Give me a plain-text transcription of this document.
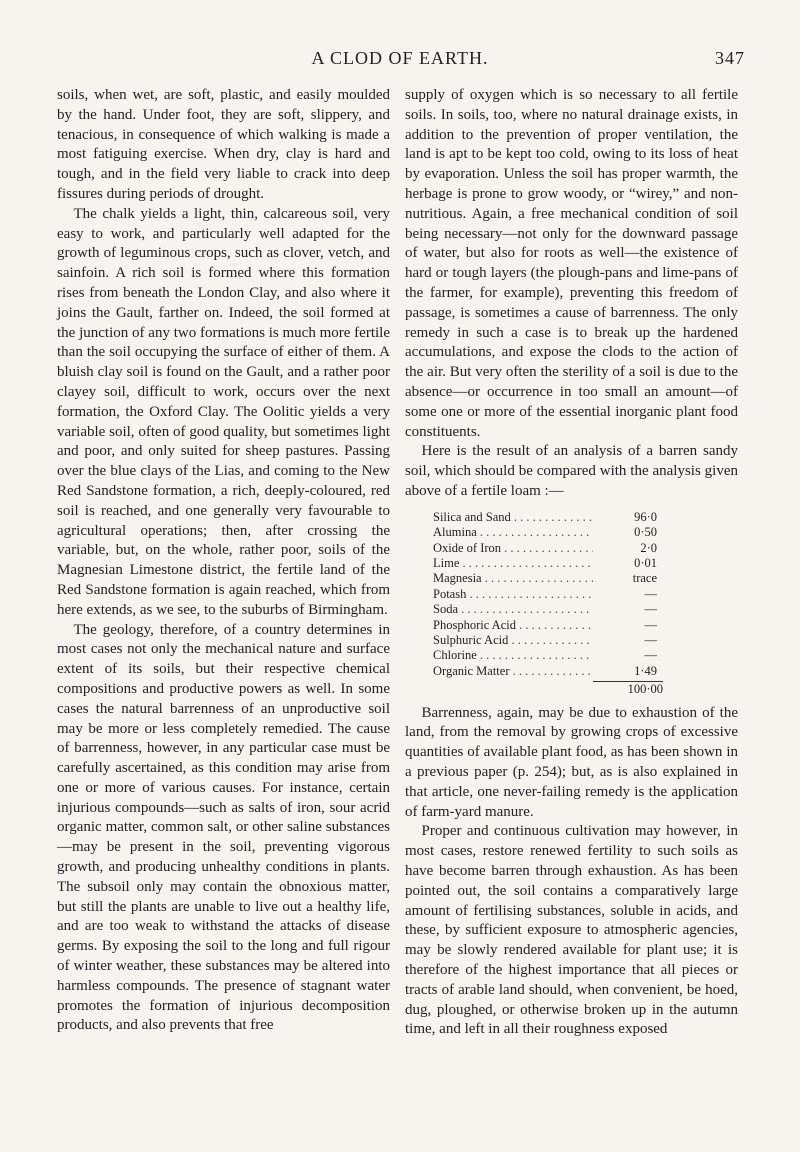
A CLOD OF EARTH.	347

soils, when wet, are soft, plastic, and easily moulded by the hand. Under foot, they are soft, slippery, and tenacious, in consequence of which walking is made a most fatiguing exercise. When dry, clay is hard and tough, and in the field very liable to crack into deep fissures during periods of drought.

The chalk yields a light, thin, calcareous soil, very easy to work, and particularly well adapted for the growth of leguminous crops, such as clover, vetch, and sainfoin. A rich soil is formed where this formation rises from beneath the London Clay, and also where it joins the Gault, farther on. Indeed, the soil formed at the junction of any two formations is much more fertile than the soil occupying the surface of either of them. A bluish clay soil is found on the Gault, and a rather poor clayey soil, difficult to work, occurs over the next formation, the Oxford Clay. The Oolitic yields a very variable soil, often of good quality, but sometimes light and poor, and only suited for sheep pastures. Passing over the blue clays of the Lias, and coming to the New Red Sandstone formation, a rich, deeply-coloured, red soil is reached, and one generally very favourable to agricultural operations; then, after crossing the variable, but, on the whole, rather poor, soils of the Magnesian Limestone district, the fertile land of the Red Sandstone formation is again reached, which from here extends, as we see, to the suburbs of Birmingham.

The geology, therefore, of a country determines in most cases not only the mechanical nature and surface extent of its soils, but their respective chemical compositions and productive powers as well. In some cases the natural barrenness of an unproductive soil may be more or less completely remedied. The cause of barrenness, however, in any particular case must be carefully ascertained, as this condition may arise from one or more of various causes. For instance, certain injurious compounds—such as salts of iron, sour acrid organic matter, common salt, or other saline substances—may be present in the soil, preventing vigorous growth, and producing unhealthy conditions in plants. The subsoil only may contain the obnoxious matter, but still the plants are unable to live out a healthy life, and are too weak to withstand the attacks of disease germs. By exposing the soil to the long and full rigour of winter weather, these substances may be altered into harmless compounds. The presence of stagnant water promotes the formation of injurious decomposition products, and also prevents that free

supply of oxygen which is so necessary to all fertile soils. In soils, too, where no natural drainage exists, in addition to the prevention of proper ventilation, the land is apt to be kept too cold, owing to its loss of heat by evaporation. Unless the soil has proper warmth, the herbage is prone to grow woody, or “wirey,” and non-nutritious. Again, a free mechanical condition of soil being necessary—not only for the downward passage of water, but also for roots as well—the existence of hard or tough layers (the plough-pans and lime-pans of the farmer, for example), preventing this freedom of passage, is sometimes a cause of barrenness. The only remedy in such a case is to break up the hardened accumulations, and expose the clods to the action of the air. But very often the sterility of a soil is due to the absence—or occurrence in too small an amount—of some one or more of the essential inorganic plant food constituents.

Here is the result of an analysis of a barren sandy soil, which should be compared with the analysis given above of a fertile loam :—

Silica and Sand . . .	96·0
Alumina . . .	0·50
Oxide of Iron . . .	2·0
Lime . . .	0·01
Magnesia . . .	trace
Potash . . .	—
Soda . . .	—
Phosphoric Acid . . .	—
Sulphuric Acid . . .	—
Chlorine . . .	—
Organic Matter . . .	1·49
100·00

Barrenness, again, may be due to exhaustion of the land, from the removal by growing crops of excessive quantities of available plant food, as has been shown in a previous paper (p. 254); but, as is also explained in that article, one never-failing remedy is the application of farm-yard manure.

Proper and continuous cultivation may however, in most cases, restore renewed fertility to such soils as have become barren through exhaustion. As has been pointed out, the soil contains a comparatively large amount of fertilising substances, soluble in acids, and these, by sufficient exposure to atmospheric agencies, may be slowly rendered available for plant use; it is therefore of the highest importance that all pieces or tracts of arable land should, when convenient, be hoed, dug, ploughed, or otherwise broken up in the autumn time, and left in all their roughness exposed
